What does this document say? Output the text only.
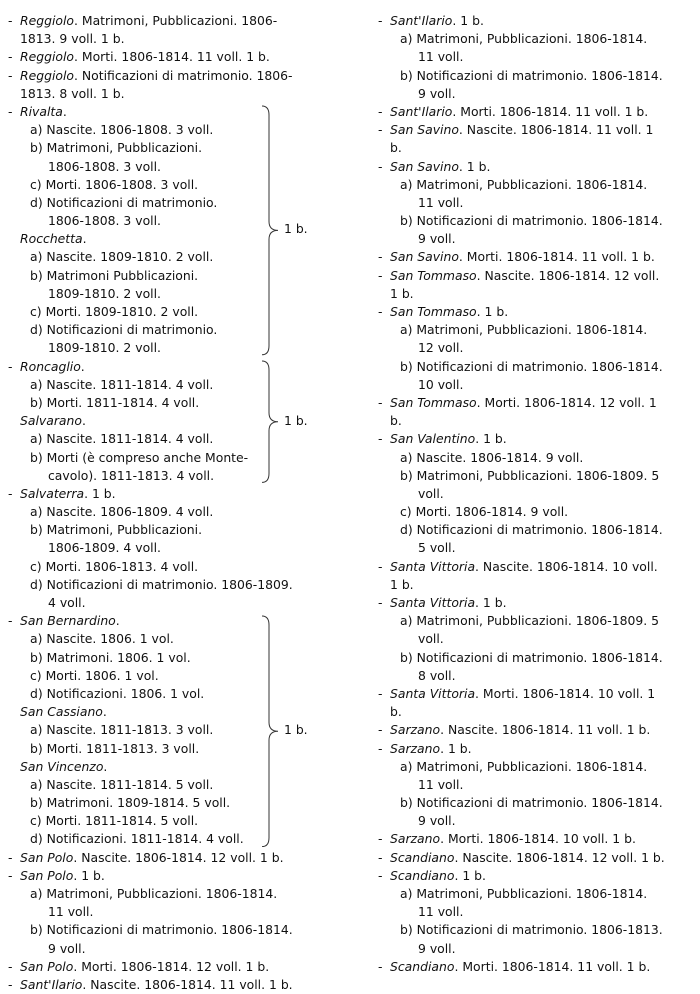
- Reggiolo. Matrimoni, Pubblicazioni. 1806-
1813. 9 voll. 1 b.
- Reggiolo. Morti. 1806-1814. 11 voll. 1 b.
- Reggiolo. Notificazioni di matrimonio. 1806-
1813. 8 voll. 1 b.
- Rivalta.
a) Nascite. 1806-1808. 3 voll.
b) Matrimoni, Pubblicazioni.
1806-1808. 3 voll.
c) Morti. 1806-1808. 3 voll.
d) Notificazioni di matrimonio.
1806-1808. 3 voll.
Rocchetta.
a) Nascite. 1809-1810. 2 voll.
b) Matrimoni Pubblicazioni.
1809-1810. 2 voll.
c) Morti. 1809-1810. 2 voll.
d) Notificazioni di matrimonio.
1809-1810. 2 voll.
- Roncaglio.
a) Nascite. 1811-1814. 4 voll.
b) Morti. 1811-1814. 4 voll.
Salvarano.
a) Nascite. 1811-1814. 4 voll.
b) Morti (è compreso anche Monte-
cavolo). 1811-1813. 4 voll.
- Salvaterra. 1 b.
a) Nascite. 1806-1809. 4 voll.
b) Matrimoni, Pubblicazioni.
1806-1809. 4 voll.
c) Morti. 1806-1813. 4 voll.
d) Notificazioni di matrimonio. 1806-1809.
4 voll.
- San Bernardino.
a) Nascite. 1806. 1 vol.
b) Matrimoni. 1806. 1 vol.
c) Morti. 1806. 1 vol.
d) Notificazioni. 1806. 1 vol.
San Cassiano.
a) Nascite. 1811-1813. 3 voll.
b) Morti. 1811-1813. 3 voll.
San Vincenzo.
a) Nascite. 1811-1814. 5 voll.
b) Matrimoni. 1809-1814. 5 voll.
c) Morti. 1811-1814. 5 voll.
d) Notificazioni. 1811-1814. 4 voll.
- San Polo. Nascite. 1806-1814. 12 voll. 1 b.
- San Polo. 1 b.
a) Matrimoni, Pubblicazioni. 1806-1814.
11 voll.
b) Notificazioni di matrimonio. 1806-1814.
9 voll.
- San Polo. Morti. 1806-1814. 12 voll. 1 b.
- Sant'Ilario. Nascite. 1806-1814. 11 voll. 1 b.
1 b.
1 b.
1 b.
- Sant'Ilario. 1 b.
a) Matrimoni, Pubblicazioni. 1806-1814.
11 voll.
b) Notificazioni di matrimonio. 1806-1814.
9 voll.
- Sant'Ilario. Morti. 1806-1814. 11 voll. 1 b.
- San Savino. Nascite. 1806-1814. 11 voll. 1
b.
- San Savino. 1 b.
a) Matrimoni, Pubblicazioni. 1806-1814.
11 voll.
b) Notificazioni di matrimonio. 1806-1814.
9 voll.
- San Savino. Morti. 1806-1814. 11 voll. 1 b.
- San Tommaso. Nascite. 1806-1814. 12 voll.
1 b.
- San Tommaso. 1 b.
a) Matrimoni, Pubblicazioni. 1806-1814.
12 voll.
b) Notificazioni di matrimonio. 1806-1814.
10 voll.
- San Tommaso. Morti. 1806-1814. 12 voll. 1
b.
- San Valentino. 1 b.
a) Nascite. 1806-1814. 9 voll.
b) Matrimoni, Pubblicazioni. 1806-1809. 5
voll.
c) Morti. 1806-1814. 9 voll.
d) Notificazioni di matrimonio. 1806-1814.
5 voll.
- Santa Vittoria. Nascite. 1806-1814. 10 voll.
1 b.
- Santa Vittoria. 1 b.
a) Matrimoni, Pubblicazioni. 1806-1809. 5
voll.
b) Notificazioni di matrimonio. 1806-1814.
8 voll.
- Santa Vittoria. Morti. 1806-1814. 10 voll. 1
b.
- Sarzano. Nascite. 1806-1814. 11 voll. 1 b.
- Sarzano. 1 b.
a) Matrimoni, Pubblicazioni. 1806-1814.
11 voll.
b) Notificazioni di matrimonio. 1806-1814.
9 voll.
- Sarzano. Morti. 1806-1814. 10 voll. 1 b.
- Scandiano. Nascite. 1806-1814. 12 voll. 1 b.
- Scandiano. 1 b.
a) Matrimoni, Pubblicazioni. 1806-1814.
11 voll.
b) Notificazioni di matrimonio. 1806-1813.
9 voll.
- Scandiano. Morti. 1806-1814. 11 voll. 1 b.
